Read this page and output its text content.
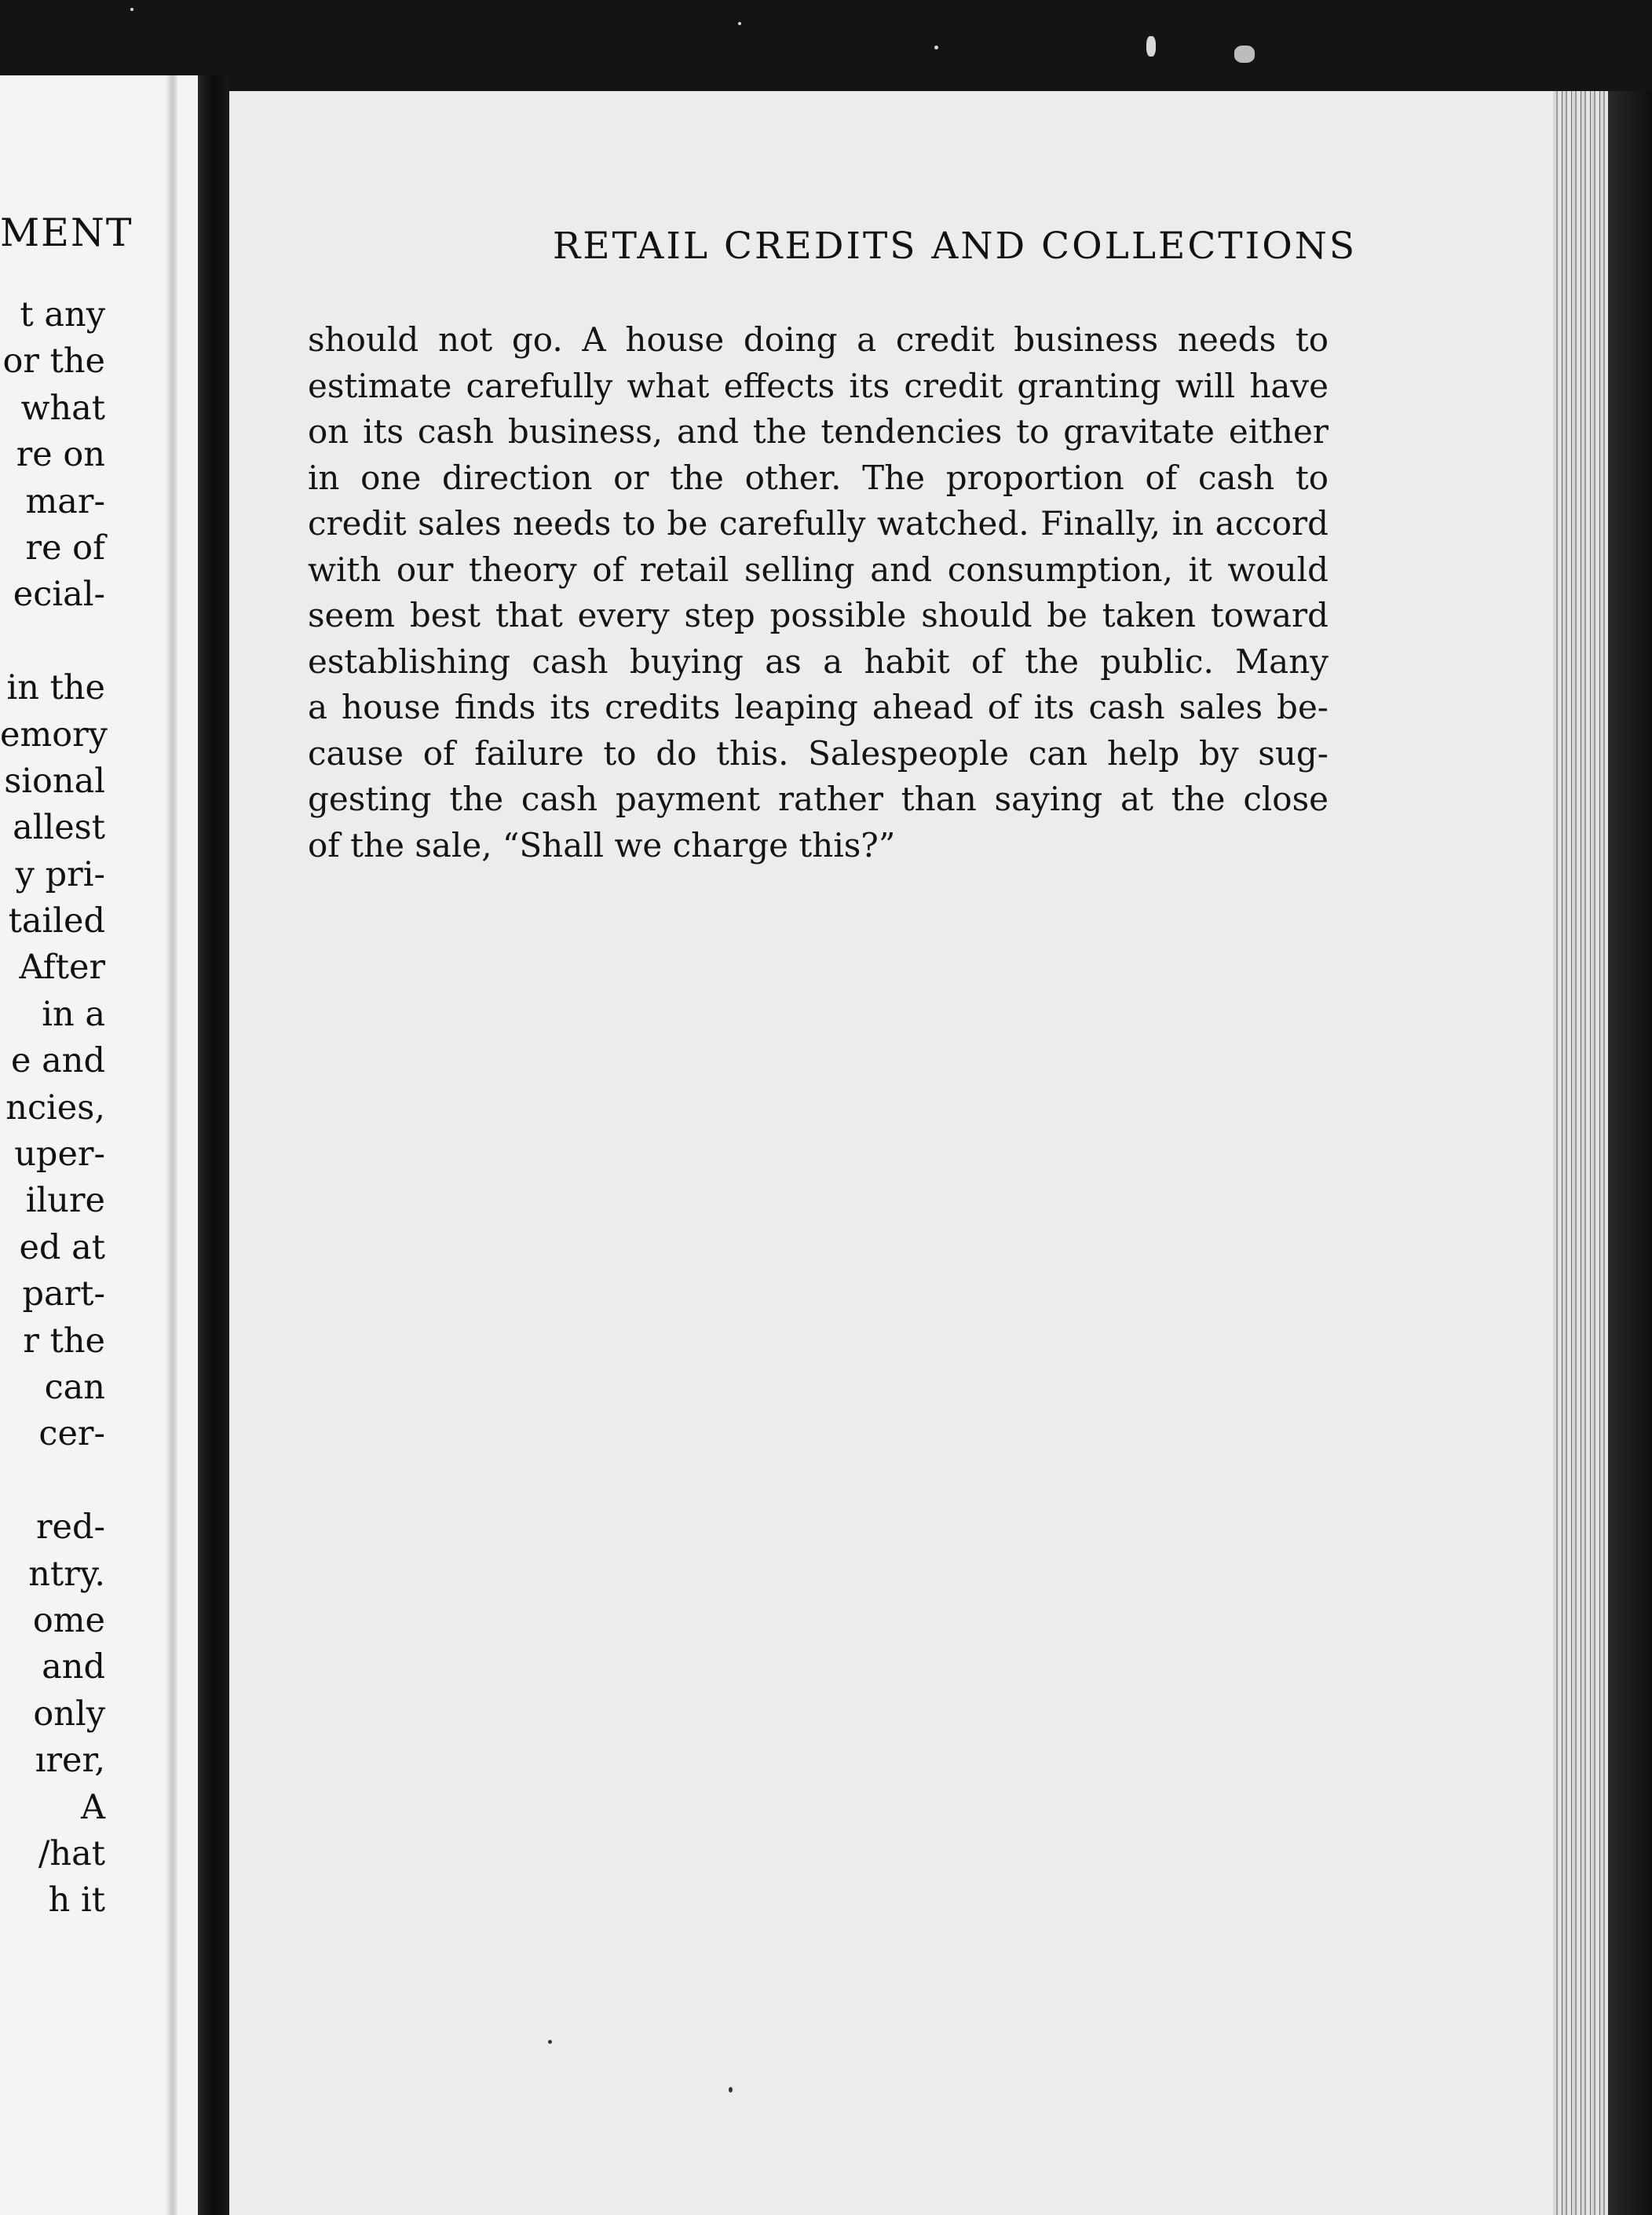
MENT
t any
or the
what
re on
mar-
re of
ecial-
in the
emory
sional
allest
y pri-
tailed
After
in a
e and
ncies,
uper-
ilure
ed at
part-
r the
can
cer-
red-
ntry.
ome
and
only
ırer,
A
/hat
h it
RETAIL CREDITS AND COLLECTIONS
should not go. A house doing a credit business needs to
estimate carefully what effects its credit granting will have
on its cash business, and the tendencies to gravitate either
in one direction or the other. The proportion of cash to
credit sales needs to be carefully watched. Finally, in accord
with our theory of retail selling and consumption, it would
seem best that every step possible should be taken toward
establishing cash buying as a habit of the public. Many
a house finds its credits leaping ahead of its cash sales be-
cause of failure to do this. Salespeople can help by sug-
gesting the cash payment rather than saying at the close
of the sale, “Shall we charge this?”
